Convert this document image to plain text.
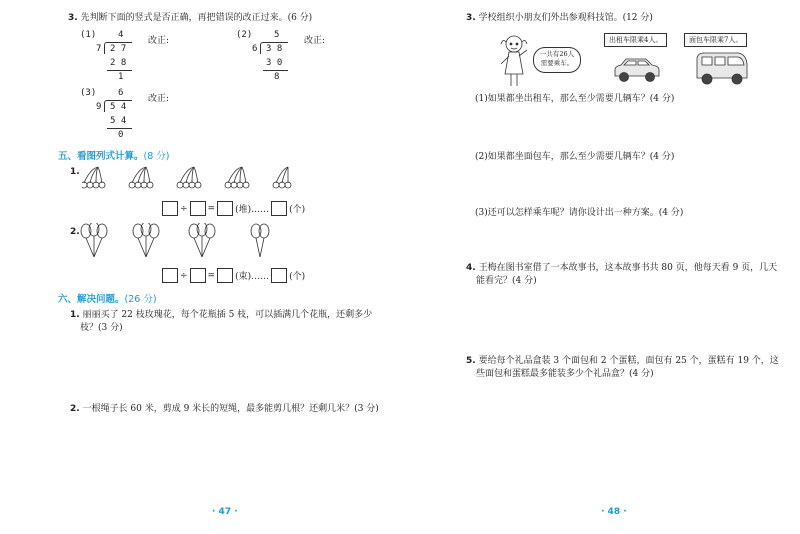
3. 先判断下面的竖式是否正确，再把错误的改正过来。(6 分)
(1) 4
7 2 7
2 8
1
改正:
(2) 5
6 3 8
3 0
8
改正:
(3) 6
9 5 4
5 4
0
改正:
五、看图列式计算。(8 分)
1.
÷ = (堆)…… (个)
2.
÷ = (束)…… (个)
六、解决问题。(26 分)
1. 丽丽买了 22 枝玫瑰花，每个花瓶插 5 枝，可以插满几个花瓶，还剩多少
枝？(3 分)
2. 一根绳子长 60 米，剪成 9 米长的短绳，最多能剪几根？还剩几米？(3 分)
· 47 ·
3. 学校组织小朋友们外出参观科技馆。(12 分)
一共有26人
需要乘车。
出租车限乘4人。	面包车限乘7人。
(1)如果都坐出租车，那么至少需要几辆车？(4 分)
(2)如果都坐面包车，那么至少需要几辆车？(4 分)
(3)还可以怎样乘车呢？请你设计出一种方案。(4 分)
4. 王梅在图书室借了一本故事书，这本故事书共 80 页，他每天看 9 页，几天
能看完？(4 分)
5. 要给每个礼品盒装 3 个面包和 2 个蛋糕，面包有 25 个，蛋糕有 19 个，这
些面包和蛋糕最多能装多少个礼品盒？(4 分)
· 48 ·
